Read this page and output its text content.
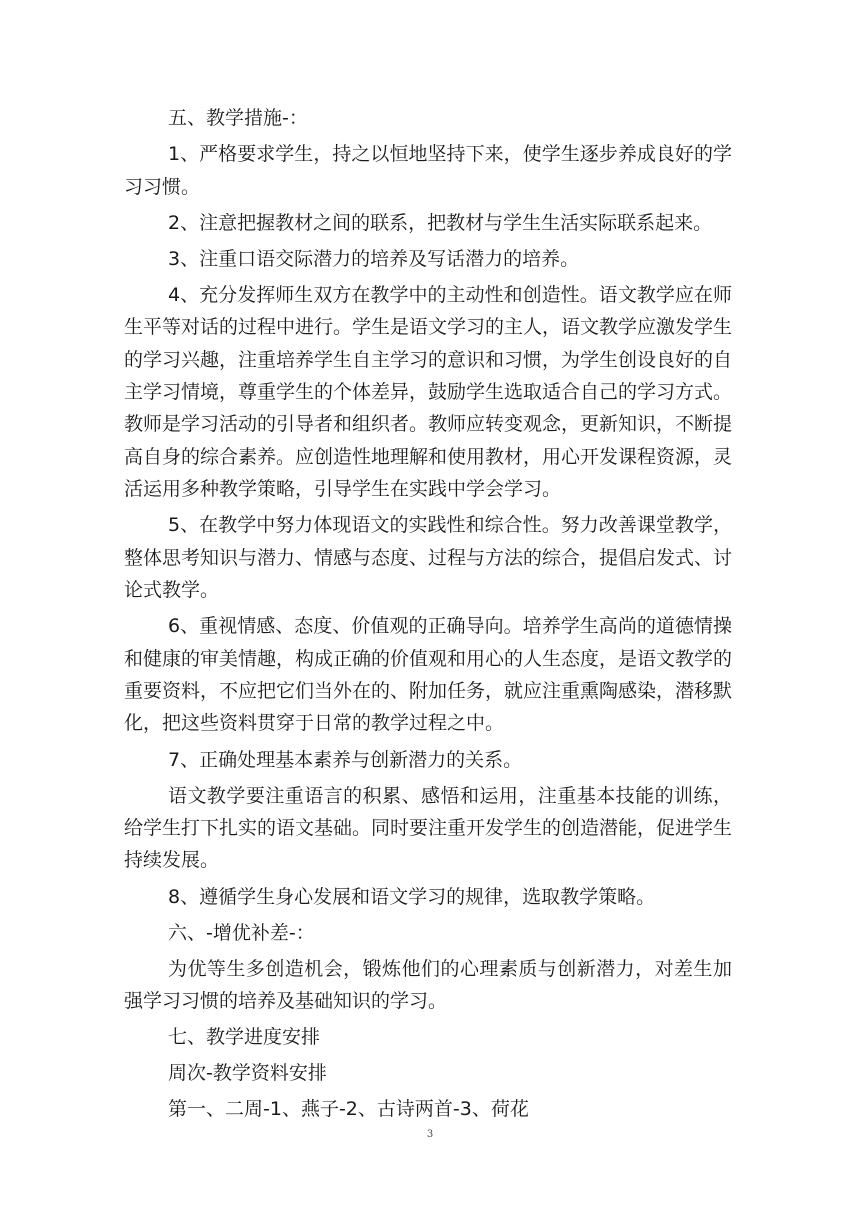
五、教学措施-：

1、严格要求学生，持之以恒地坚持下来，使学生逐步养成良好的学习习惯。

2、注意把握教材之间的联系，把教材与学生生活实际联系起来。

3、注重口语交际潜力的培养及写话潜力的培养。

4、充分发挥师生双方在教学中的主动性和创造性。语文教学应在师生平等对话的过程中进行。学生是语文学习的主人，语文教学应激发学生的学习兴趣，注重培养学生自主学习的意识和习惯，为学生创设良好的自主学习情境，尊重学生的个体差异，鼓励学生选取适合自己的学习方式。教师是学习活动的引导者和组织者。教师应转变观念，更新知识，不断提高自身的综合素养。应创造性地理解和使用教材，用心开发课程资源，灵活运用多种教学策略，引导学生在实践中学会学习。

5、在教学中努力体现语文的实践性和综合性。努力改善课堂教学，整体思考知识与潜力、情感与态度、过程与方法的综合，提倡启发式、讨论式教学。

6、重视情感、态度、价值观的正确导向。培养学生高尚的道德情操和健康的审美情趣，构成正确的价值观和用心的人生态度，是语文教学的重要资料，不应把它们当外在的、附加任务，就应注重熏陶感染，潜移默化，把这些资料贯穿于日常的教学过程之中。

7、正确处理基本素养与创新潜力的关系。

语文教学要注重语言的积累、感悟和运用，注重基本技能的训练，给学生打下扎实的语文基础。同时要注重开发学生的创造潜能，促进学生持续发展。

8、遵循学生身心发展和语文学习的规律，选取教学策略。

六、-增优补差-：

为优等生多创造机会，锻炼他们的心理素质与创新潜力，对差生加强学习习惯的培养及基础知识的学习。

七、教学进度安排

周次-教学资料安排

第一、二周-1、燕子-2、古诗两首-3、荷花

3
